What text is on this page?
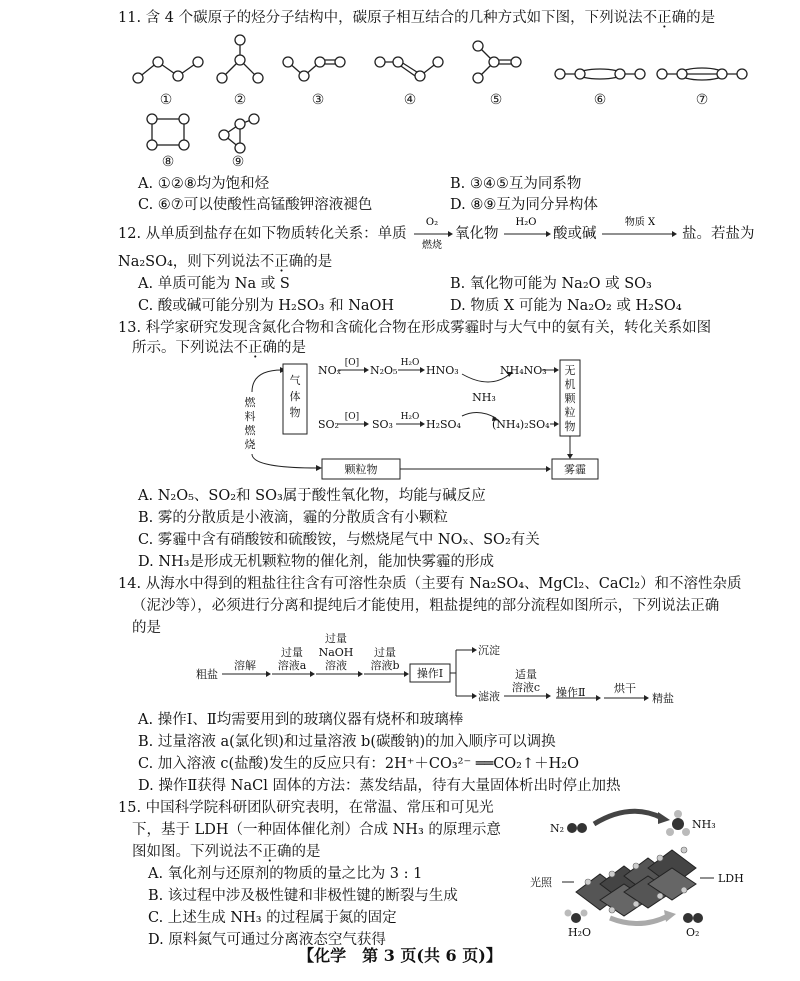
11. 含 4 个碳原子的烃分子结构中，碳原子相互结合的几种方式如下图，下列说法不正确的是
①	②	③	④	⑤	⑥	⑦
⑧	⑨
A. ①②⑧均为饱和烃	B. ③④⑤互为同系物
C. ⑥⑦可以使酸性高锰酸钾溶液褪色	D. ⑧⑨互为同分异构体
12. 从单质到盐存在如下物质转化关系：单质
O₂
燃烧
氧化物
H₂O
酸或碱
物质 X
盐。若盐为
Na₂SO₄，则下列说法不正确的是
A. 单质可能为 Na 或 S	B. 氧化物可能为 Na₂O 或 SO₃
C. 酸或碱可能分别为 H₂SO₃ 和 NaOH	D. 物质 X 可能为 Na₂O₂ 或 H₂SO₄
13. 科学家研究发现含氮化合物和含硫化合物在形成雾霾时与大气中的氨有关，转化关系如图
所示。下列说法不正确的是
燃
料
燃
烧
气
体
物
NOₓ
[O]
N₂O₅
H₂O
HNO₃	NH₄NO₃
NH₃
SO₂
[O]
SO₃
H₂O
H₂SO₄	(NH₄)₂SO₄
无
机
颗
粒
物
颗粒物	雾霾
A. N₂O₅、SO₂和 SO₃属于酸性氧化物，均能与碱反应
B. 雾的分散质是小液滴，霾的分散质含有小颗粒
C. 雾霾中含有硝酸铵和硫酸铵，与燃烧尾气中 NOₓ、SO₂有关
D. NH₃是形成无机颗粒物的催化剂，能加快雾霾的形成
14. 从海水中得到的粗盐往往含有可溶性杂质（主要有 Na₂SO₄、MgCl₂、CaCl₂）和不溶性杂质
（泥沙等），必须进行分离和提纯后才能使用，粗盐提纯的部分流程如图所示，下列说法正确
的是
粗盐
溶解
过量
溶液a
过量
NaOH
溶液
过量
溶液b
操作Ⅰ
沉淀
滤液
适量
溶液c 操作Ⅱ	烘干
精盐
A. 操作Ⅰ、Ⅱ均需要用到的玻璃仪器有烧杯和玻璃棒
B. 过量溶液 a(氯化钡)和过量溶液 b(碳酸钠)的加入顺序可以调换
C. 加入溶液 c(盐酸)发生的反应只有：2H⁺＋CO₃²⁻ ══CO₂↑＋H₂O
D. 操作Ⅱ获得 NaCl 固体的方法：蒸发结晶，待有大量固体析出时停止加热
15. 中国科学院科研团队研究表明，在常温、常压和可见光
下，基于 LDH（一种固体催化剂）合成 NH₃ 的原理示意
图如图。下列说法不正确的是
A. 氧化剂与还原剂的物质的量之比为 3 : 1
B. 该过程中涉及极性键和非极性键的断裂与生成
C. 上述生成 NH₃ 的过程属于氮的固定
D. 原料氮气可通过分离液态空气获得
N₂	NH₃
光照	LDH
H₂O	O₂
【化学　第 3 页(共 6 页)】
